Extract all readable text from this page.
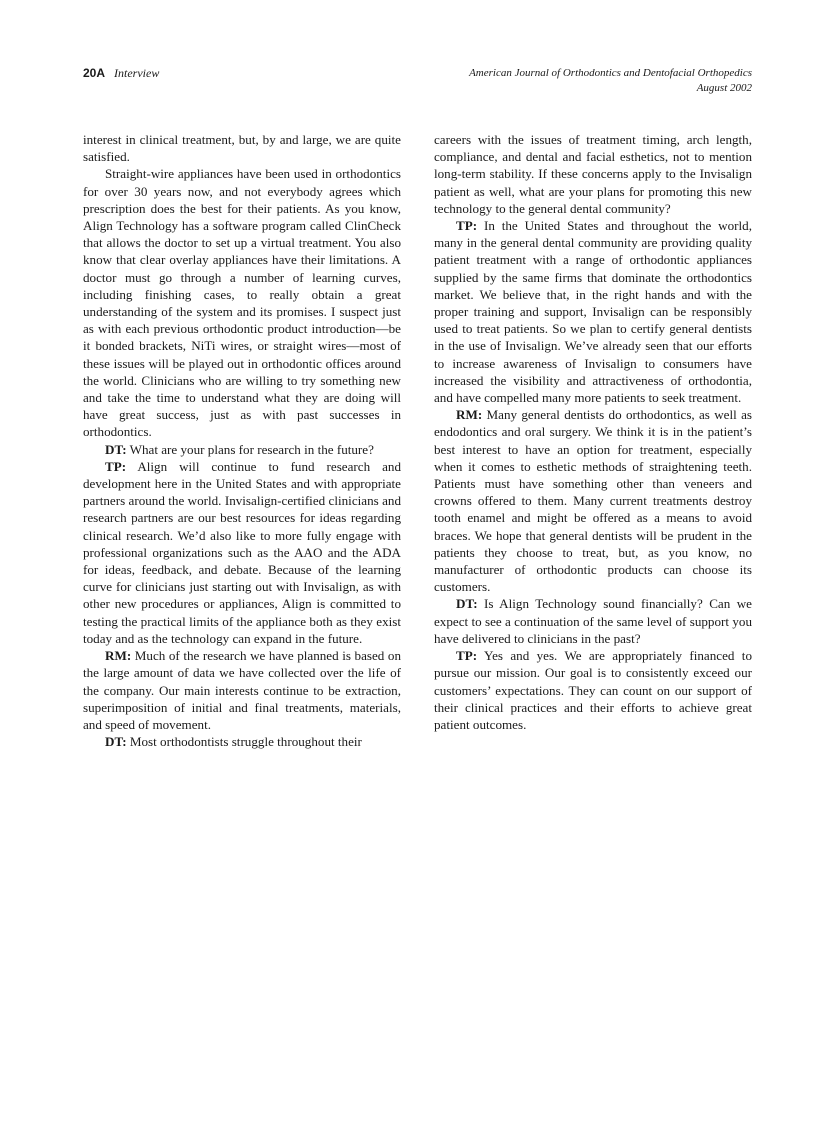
20A Interview	American Journal of Orthodontics and Dentofacial Orthopedics
August 2002

interest in clinical treatment, but, by and large, we are quite satisfied.

Straight-wire appliances have been used in orthodontics for over 30 years now, and not everybody agrees which prescription does the best for their patients. As you know, Align Technology has a software program called ClinCheck that allows the doctor to set up a virtual treatment. You also know that clear overlay appliances have their limitations. A doctor must go through a number of learning curves, including finishing cases, to really obtain a great understanding of the system and its promises. I suspect just as with each previous orthodontic product introduction—be it bonded brackets, NiTi wires, or straight wires—most of these issues will be played out in orthodontic offices around the world. Clinicians who are willing to try something new and take the time to understand what they are doing will have great success, just as with past successes in orthodontics.

DT: What are your plans for research in the future?

TP: Align will continue to fund research and development here in the United States and with appropriate partners around the world. Invisalign-certified clinicians and research partners are our best resources for ideas regarding clinical research. We’d also like to more fully engage with professional organizations such as the AAO and the ADA for ideas, feedback, and debate. Because of the learning curve for clinicians just starting out with Invisalign, as with other new procedures or appliances, Align is committed to testing the practical limits of the appliance both as they exist today and as the technology can expand in the future.

RM: Much of the research we have planned is based on the large amount of data we have collected over the life of the company. Our main interests continue to be extraction, superimposition of initial and final treatments, materials, and speed of movement.

DT: Most orthodontists struggle throughout their

careers with the issues of treatment timing, arch length, compliance, and dental and facial esthetics, not to mention long-term stability. If these concerns apply to the Invisalign patient as well, what are your plans for promoting this new technology to the general dental community?

TP: In the United States and throughout the world, many in the general dental community are providing quality patient treatment with a range of orthodontic appliances supplied by the same firms that dominate the orthodontics market. We believe that, in the right hands and with the proper training and support, Invisalign can be responsibly used to treat patients. So we plan to certify general dentists in the use of Invisalign. We’ve already seen that our efforts to increase awareness of Invisalign to consumers have increased the visibility and attractiveness of orthodontia, and have compelled many more patients to seek treatment.

RM: Many general dentists do orthodontics, as well as endodontics and oral surgery. We think it is in the patient’s best interest to have an option for treatment, especially when it comes to esthetic methods of straightening teeth. Patients must have something other than veneers and crowns offered to them. Many current treatments destroy tooth enamel and might be offered as a means to avoid braces. We hope that general dentists will be prudent in the patients they choose to treat, but, as you know, no manufacturer of orthodontic products can choose its customers.

DT: Is Align Technology sound financially? Can we expect to see a continuation of the same level of support you have delivered to clinicians in the past?

TP: Yes and yes. We are appropriately financed to pursue our mission. Our goal is to consistently exceed our customers’ expectations. They can count on our support of their clinical practices and their efforts to achieve great patient outcomes.
